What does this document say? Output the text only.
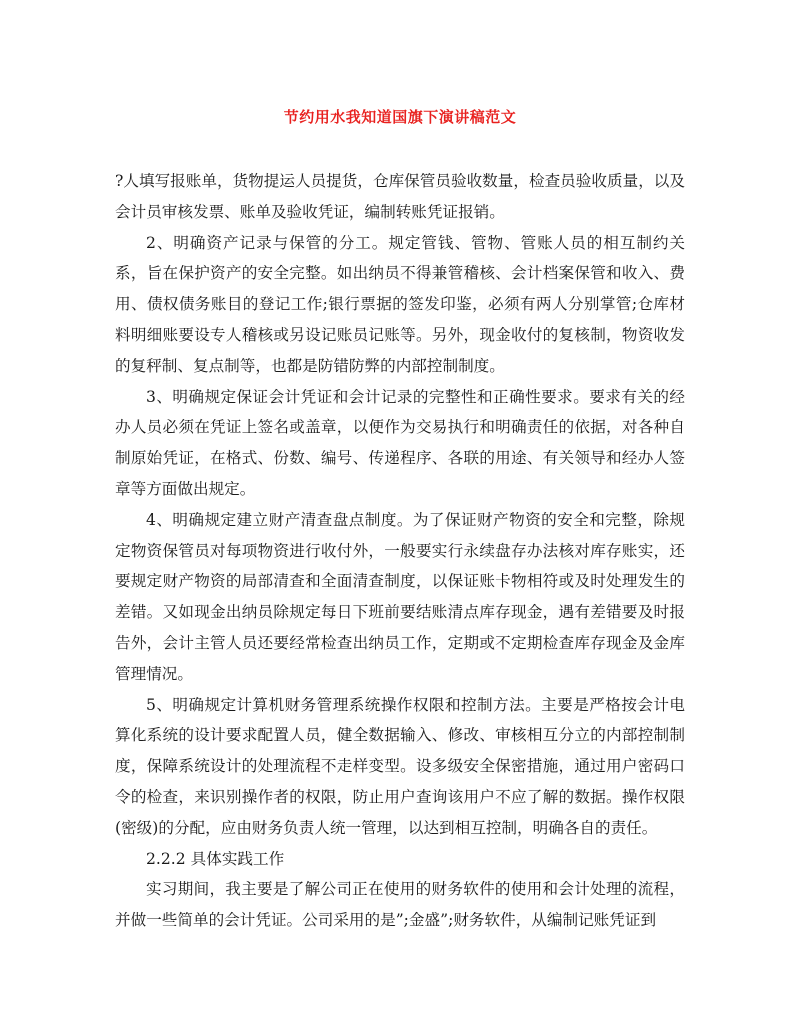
节约用水我知道国旗下演讲稿范文

?人填写报账单，货物提运人员提货，仓库保管员验收数量，检查员验收质量，以及会计员审核发票、账单及验收凭证，编制转账凭证报销。

2、明确资产记录与保管的分工。规定管钱、管物、管账人员的相互制约关系，旨在保护资产的安全完整。如出纳员不得兼管稽核、会计档案保管和收入、费用、债权债务账目的登记工作;银行票据的签发印鉴，必须有两人分别掌管;仓库材料明细账要设专人稽核或另设记账员记账等。另外，现金收付的复核制，物资收发的复秤制、复点制等，也都是防错防弊的内部控制制度。

3、明确规定保证会计凭证和会计记录的完整性和正确性要求。要求有关的经办人员必须在凭证上签名或盖章，以便作为交易执行和明确责任的依据，对各种自制原始凭证，在格式、份数、编号、传递程序、各联的用途、有关领导和经办人签章等方面做出规定。

4、明确规定建立财产清查盘点制度。为了保证财产物资的安全和完整，除规定物资保管员对每项物资进行收付外，一般要实行永续盘存办法核对库存账实，还要规定财产物资的局部清查和全面清查制度，以保证账卡物相符或及时处理发生的差错。又如现金出纳员除规定每日下班前要结账清点库存现金，遇有差错要及时报告外，会计主管人员还要经常检查出纳员工作，定期或不定期检查库存现金及金库管理情况。

5、明确规定计算机财务管理系统操作权限和控制方法。主要是严格按会计电算化系统的设计要求配置人员，健全数据输入、修改、审核相互分立的内部控制制度，保障系统设计的处理流程不走样变型。设多级安全保密措施，通过用户密码口令的检查，来识别操作者的权限，防止用户查询该用户不应了解的数据。操作权限(密级)的分配，应由财务负责人统一管理，以达到相互控制，明确各自的责任。

2.2.2 具体实践工作

实习期间，我主要是了解公司正在使用的财务软件的使用和会计处理的流程，并做一些简单的会计凭证。公司采用的是”;金盛”;财务软件，从编制记账凭证到
